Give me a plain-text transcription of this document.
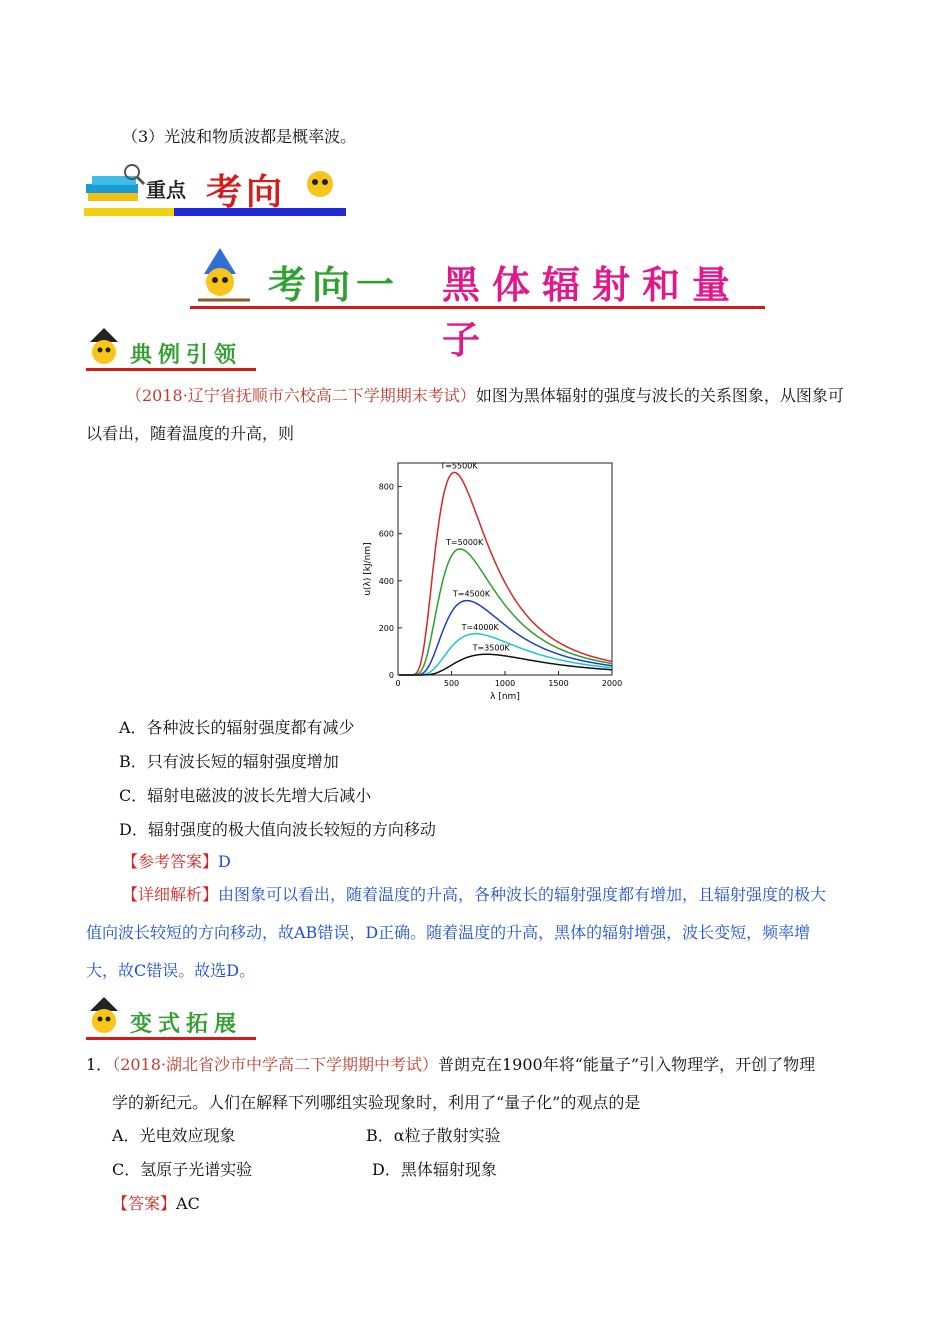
（3）光波和物质波都是概率波。
重点 考向
考向一 黑体辐射和量子
典例引领
（2018·辽宁省抚顺市六校高二下学期期末考试）如图为黑体辐射的强度与波长的关系图象，从图象可
以看出，随着温度的升高，则
0	500	1000	1500	2000
0
200
400
600
800
T=5500K
T=5000K
T=4500K
T=4000K
T=3500K
λ [nm]
u(λ) [kJ/nm]
A．各种波长的辐射强度都有减少
B．只有波长短的辐射强度增加
C．辐射电磁波的波长先增大后减小
D．辐射强度的极大值向波长较短的方向移动
【参考答案】D
【详细解析】由图象可以看出，随着温度的升高，各种波长的辐射强度都有增加，且辐射强度的极大
值向波长较短的方向移动，故AB错误，D正确。随着温度的升高，黑体的辐射增强，波长变短，频率增
大，故C错误。故选D。
变式拓展
1．（2018·湖北省沙市中学高二下学期期中考试）普朗克在1900年将“能量子”引入物理学，开创了物理
学的新纪元。人们在解释下列哪组实验现象时，利用了“量子化”的观点的是
A．光电效应现象	B．α粒子散射实验
C．氢原子光谱实验	D．黑体辐射现象
【答案】AC
